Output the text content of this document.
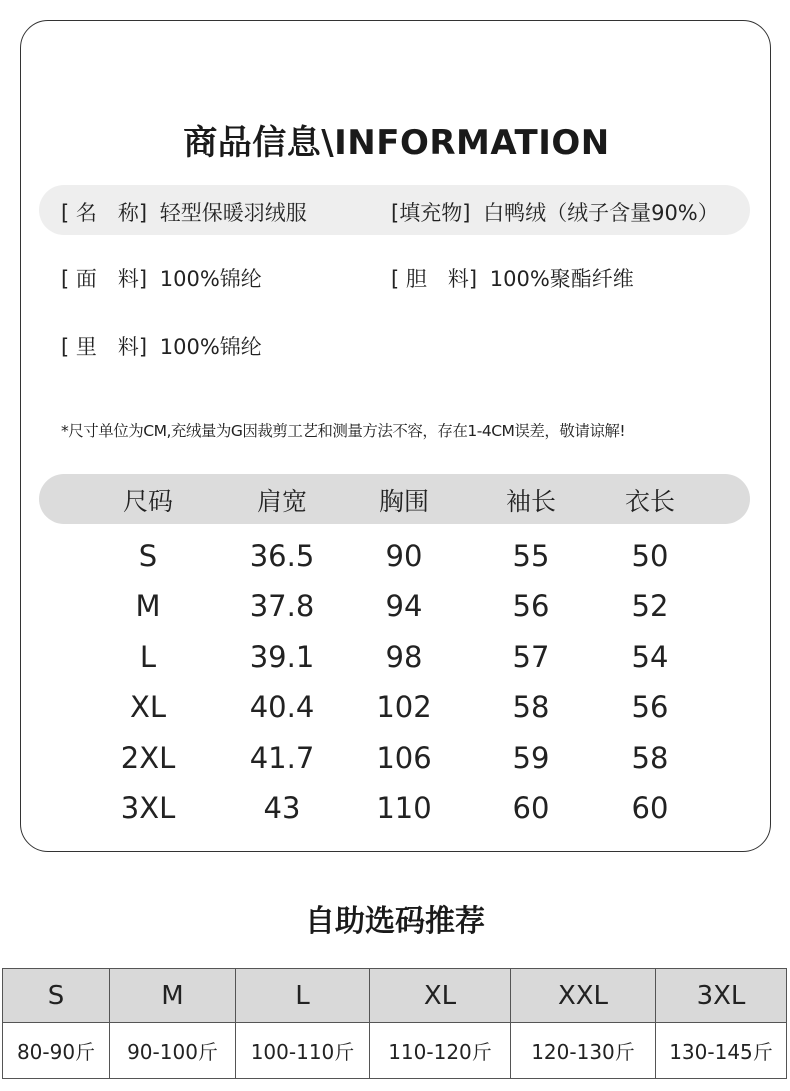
商品信息\INFORMATION
[ 名　称] 轻型保暖羽绒服	[填充物] 白鸭绒（绒子含量90%）
[ 面　料] 100%锦纶	[ 胆　料] 100%聚酯纤维
[ 里　料] 100%锦纶
*尺寸单位为CM,充绒量为G因裁剪工艺和测量方法不容，存在1-4CM误差，敬请谅解!
尺码	肩宽	胸围	袖长	衣长
S	36.5	90	55	50
M	37.8	94	56	52
L	39.1	98	57	54
XL	40.4	102	58	56
2XL	41.7	106	59	58
3XL	43	110	60	60
自助选码推荐
S	M	L	XL	XXL	3XL
80-90斤	90-100斤	100-110斤	110-120斤	120-130斤	130-145斤
